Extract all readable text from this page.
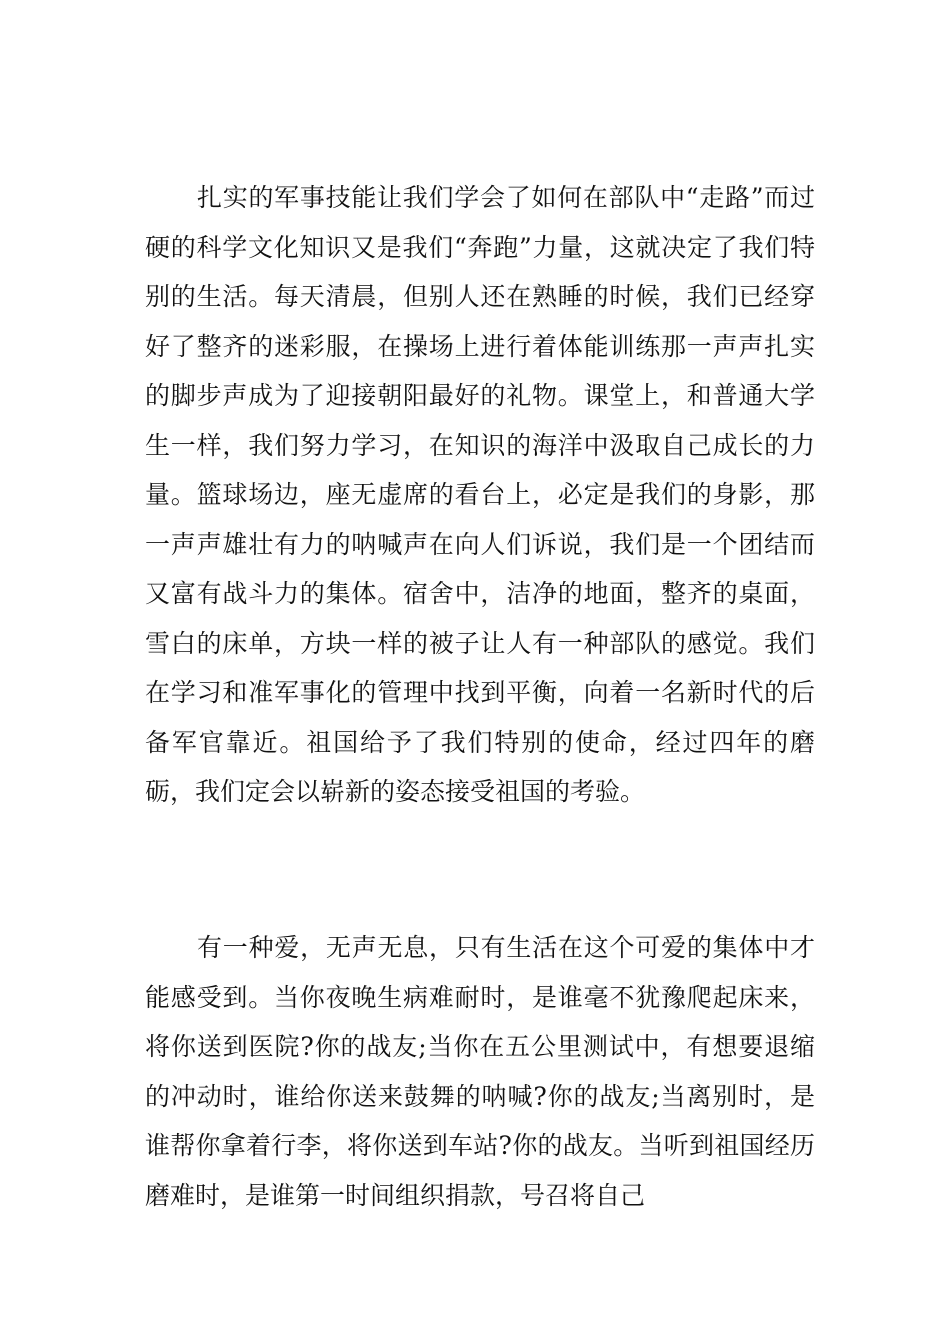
扎实的军事技能让我们学会了如何在部队中“走路”而过硬的科学文化知识又是我们“奔跑”力量，这就决定了我们特别的生活。每天清晨，但别人还在熟睡的时候，我们已经穿好了整齐的迷彩服，在操场上进行着体能训练那一声声扎实的脚步声成为了迎接朝阳最好的礼物。课堂上，和普通大学生一样，我们努力学习，在知识的海洋中汲取自己成长的力量。篮球场边，座无虚席的看台上，必定是我们的身影，那一声声雄壮有力的呐喊声在向人们诉说，我们是一个团结而又富有战斗力的集体。宿舍中，洁净的地面，整齐的桌面，雪白的床单，方块一样的被子让人有一种部队的感觉。我们在学习和准军事化的管理中找到平衡，向着一名新时代的后备军官靠近。祖国给予了我们特别的使命，经过四年的磨砺，我们定会以崭新的姿态接受祖国的考验。

有一种爱，无声无息，只有生活在这个可爱的集体中才能感受到。当你夜晚生病难耐时，是谁毫不犹豫爬起床来，将你送到医院?你的战友;当你在五公里测试中，有想要退缩的冲动时，谁给你送来鼓舞的呐喊?你的战友;当离别时，是谁帮你拿着行李，将你送到车站?你的战友。当听到祖国经历磨难时，是谁第一时间组织捐款，号召将自己
